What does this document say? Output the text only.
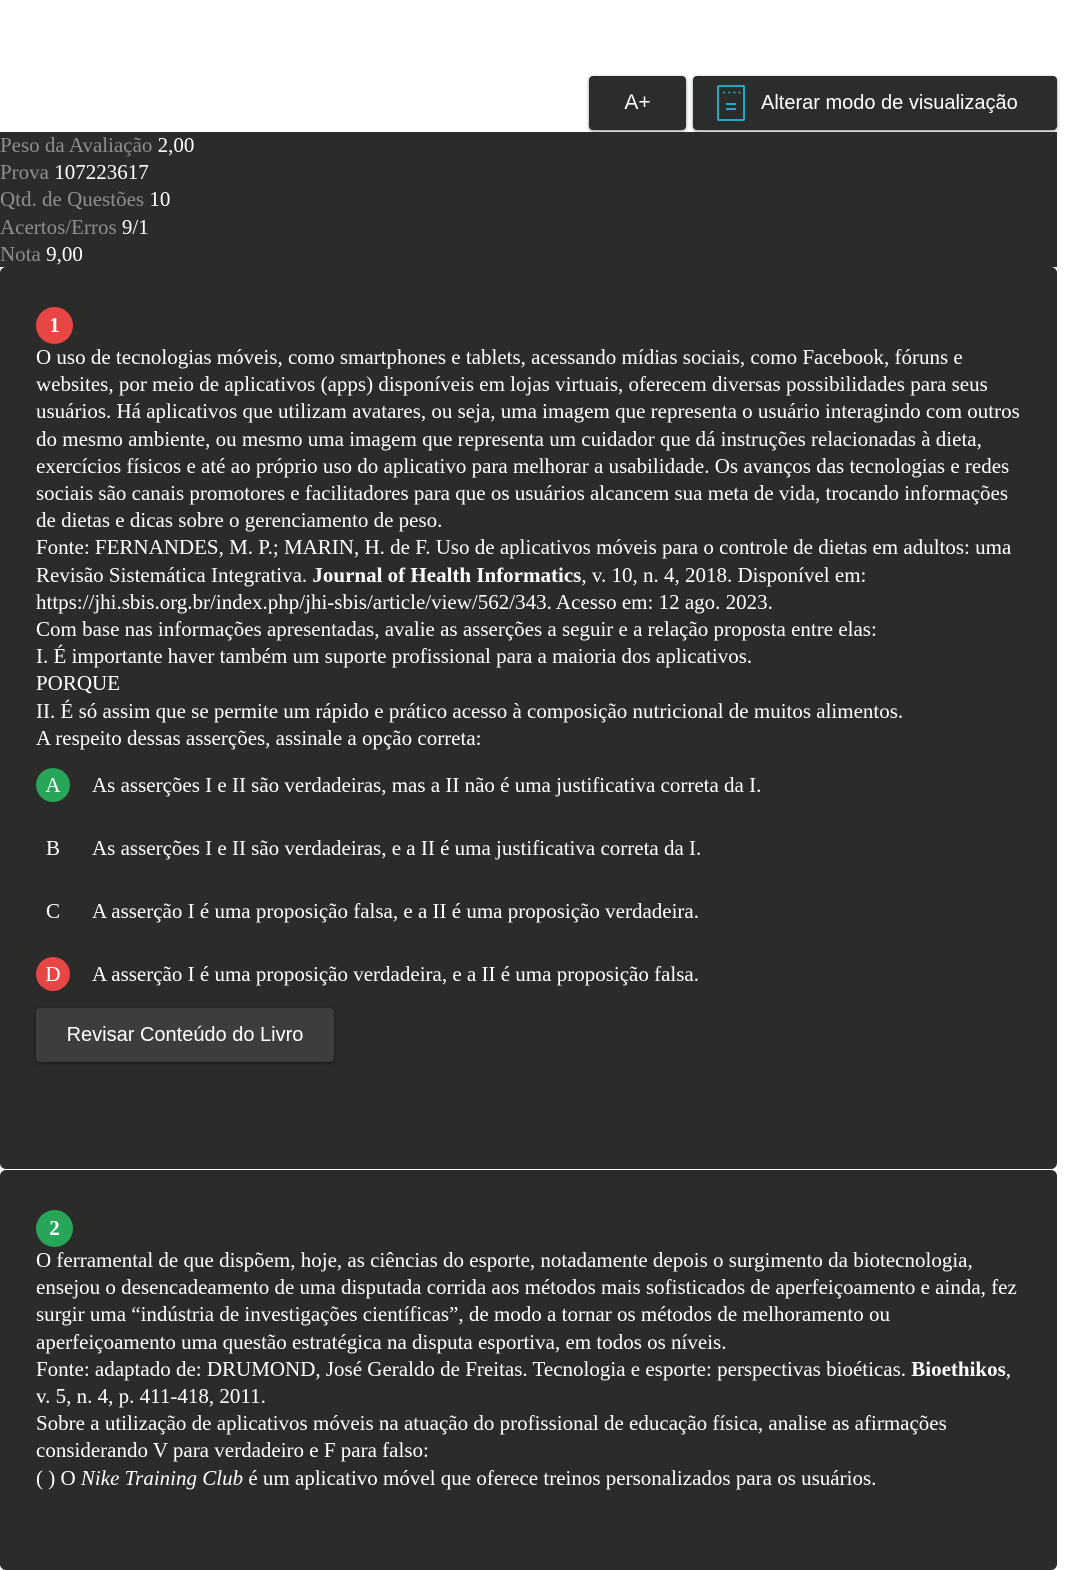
A+	•••• Alterar modo de visualização
Peso da Avaliação 2,00
Prova 107223617
Qtd. de Questões 10
Acertos/Erros 9/1
Nota 9,00
1

O uso de tecnologias móveis, como smartphones e tablets, acessando mídias sociais, como Facebook, fóruns e websites, por meio de aplicativos (apps) disponíveis em lojas virtuais, oferecem diversas possibilidades para seus usuários. Há aplicativos que utilizam avatares, ou seja, uma imagem que representa o usuário interagindo com outros do mesmo ambiente, ou mesmo uma imagem que representa um cuidador que dá instruções relacionadas à dieta, exercícios físicos e até ao próprio uso do aplicativo para melhorar a usabilidade. Os avanços das tecnologias e redes sociais são canais promotores e facilitadores para que os usuários alcancem sua meta de vida, trocando informações de dietas e dicas sobre o gerenciamento de peso.

Fonte: FERNANDES, M. P.; MARIN, H. de F. Uso de aplicativos móveis para o controle de dietas em adultos: uma Revisão Sistemática Integrativa. Journal of Health Informatics, v. 10, n. 4, 2018. Disponível em: https://jhi.sbis.org.br/index.php/jhi-sbis/article/view/562/343. Acesso em: 12 ago. 2023.

Com base nas informações apresentadas, avalie as asserções a seguir e a relação proposta entre elas:

I. É importante haver também um suporte profissional para a maioria dos aplicativos.

PORQUE

II. É só assim que se permite um rápido e prático acesso à composição nutricional de muitos alimentos.

A respeito dessas asserções, assinale a opção correta:

A	As asserções I e II são verdadeiras, mas a II não é uma justificativa correta da I.
B	As asserções I e II são verdadeiras, e a II é uma justificativa correta da I.
C	A asserção I é uma proposição falsa, e a II é uma proposição verdadeira.
D	A asserção I é uma proposição verdadeira, e a II é uma proposição falsa.
Revisar Conteúdo do Livro
2

O ferramental de que dispõem, hoje, as ciências do esporte, notadamente depois o surgimento da biotecnologia, ensejou o desencadeamento de uma disputada corrida aos métodos mais sofisticados de aperfeiçoamento e ainda, fez surgir uma “indústria de investigações científicas”, de modo a tornar os métodos de melhoramento ou aperfeiçoamento uma questão estratégica na disputa esportiva, em todos os níveis.

Fonte: adaptado de: DRUMOND, José Geraldo de Freitas. Tecnologia e esporte: perspectivas bioéticas. Bioethikos, v. 5, n. 4, p. 411-418, 2011.

Sobre a utilização de aplicativos móveis na atuação do profissional de educação física, analise as afirmações considerando V para verdadeiro e F para falso:

( ) O Nike Training Club é um aplicativo móvel que oferece treinos personalizados para os usuários.
